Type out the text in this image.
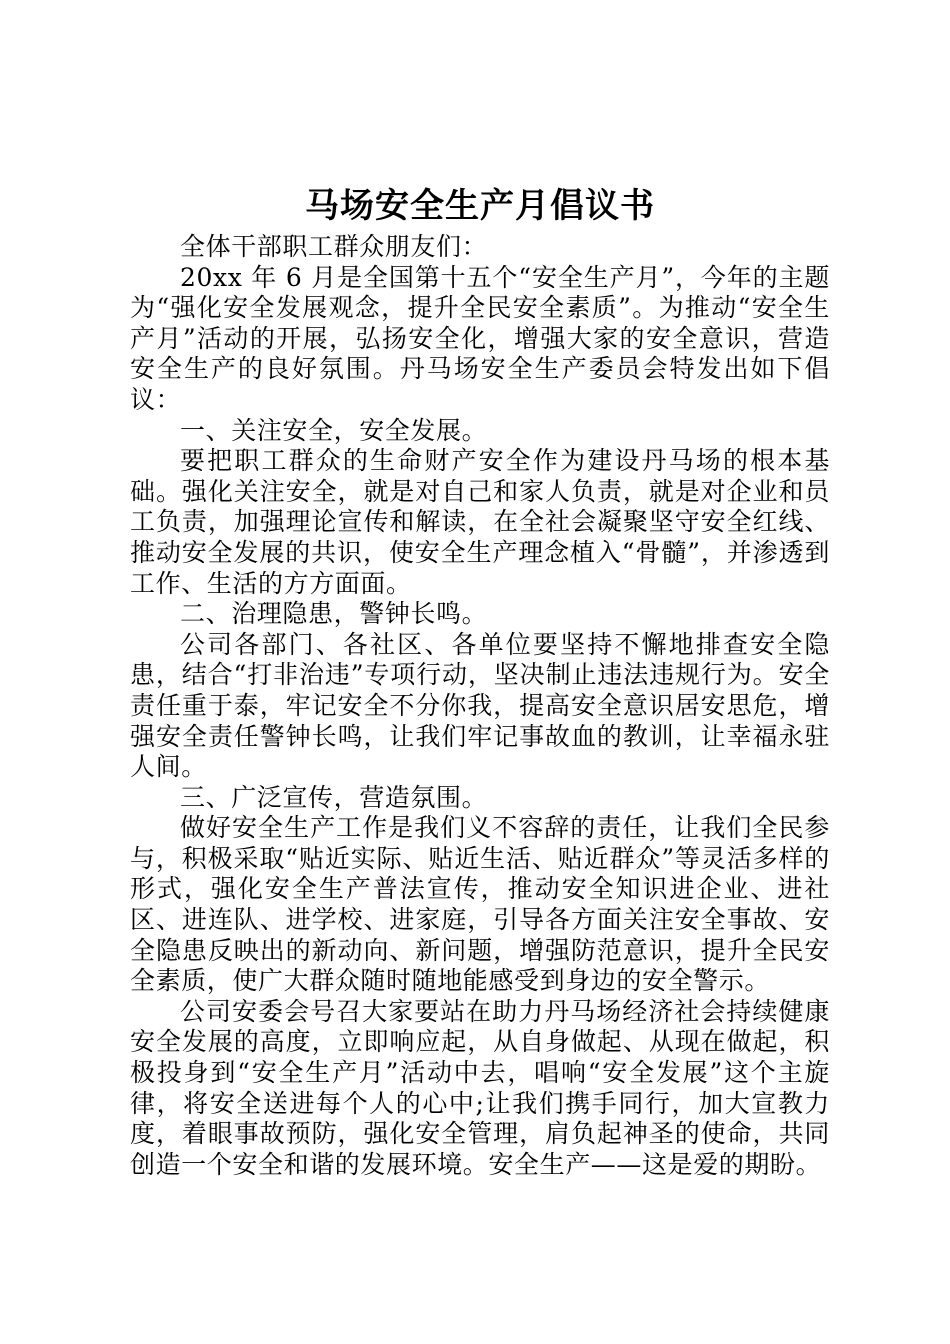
马场安全生产月倡议书

全体干部职工群众朋友们：

20xx 年 6 月是全国第十五个“安全生产月”，今年的主题为“强化安全发展观念，提升全民安全素质”。为推动“安全生产月”活动的开展，弘扬安全化，增强大家的安全意识，营造安全生产的良好氛围。丹马场安全生产委员会特发出如下倡议：

一、关注安全，安全发展。

要把职工群众的生命财产安全作为建设丹马场的根本基础。强化关注安全，就是对自己和家人负责，就是对企业和员工负责，加强理论宣传和解读，在全社会凝聚坚守安全红线、推动安全发展的共识，使安全生产理念植入“骨髓”，并渗透到工作、生活的方方面面。

二、治理隐患，警钟长鸣。

公司各部门、各社区、各单位要坚持不懈地排查安全隐患，结合“打非治违”专项行动，坚决制止违法违规行为。安全责任重于泰，牢记安全不分你我，提高安全意识居安思危，增强安全责任警钟长鸣，让我们牢记事故血的教训，让幸福永驻人间。

三、广泛宣传，营造氛围。

做好安全生产工作是我们义不容辞的责任，让我们全民参与，积极采取“贴近实际、贴近生活、贴近群众”等灵活多样的形式，强化安全生产普法宣传，推动安全知识进企业、进社区、进连队、进学校、进家庭，引导各方面关注安全事故、安全隐患反映出的新动向、新问题，增强防范意识，提升全民安全素质，使广大群众随时随地能感受到身边的安全警示。

公司安委会号召大家要站在助力丹马场经济社会持续健康安全发展的高度，立即响应起，从自身做起、从现在做起，积极投身到“安全生产月”活动中去，唱响“安全发展”这个主旋律，将安全送进每个人的心中;让我们携手同行，加大宣教力度，着眼事故预防，强化安全管理，肩负起神圣的使命，共同创造一个安全和谐的发展环境。安全生产——这是爱的期盼。
